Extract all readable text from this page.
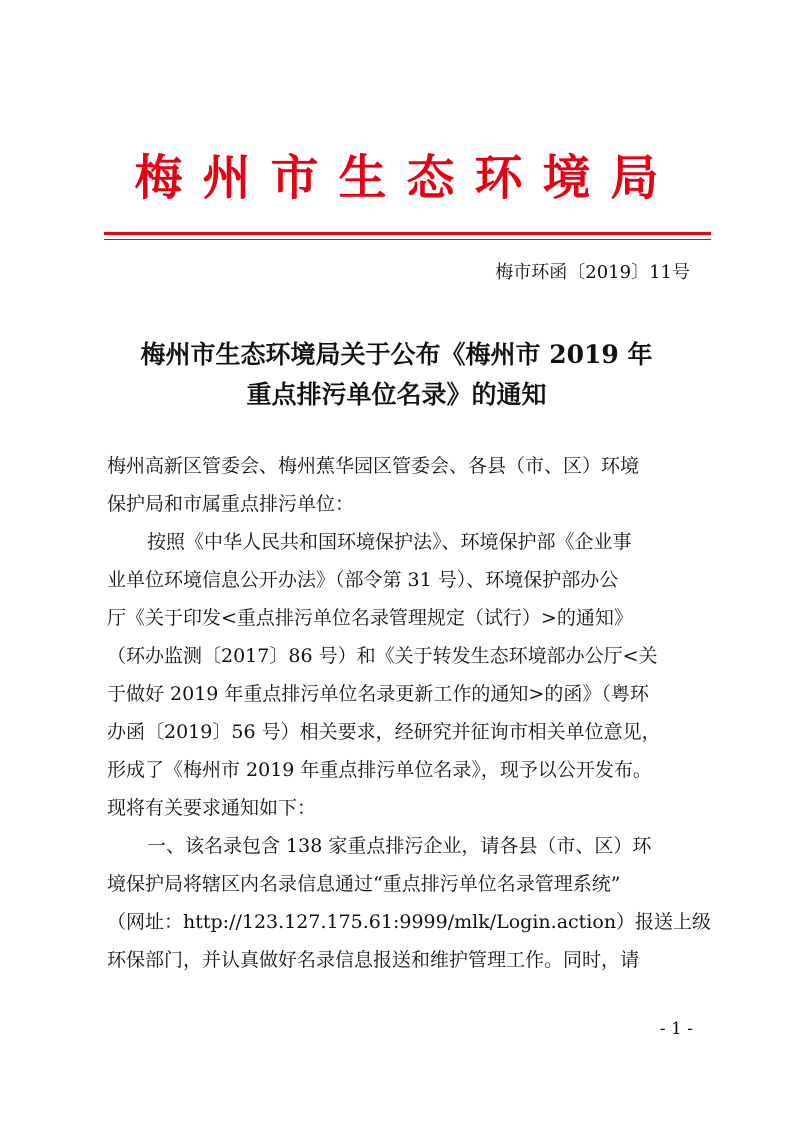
梅州市生态环境局
梅市环函〔2019〕11号
梅州市生态环境局关于公布《梅州市 2019 年
重点排污单位名录》的通知

梅州高新区管委会、梅州蕉华园区管委会、各县（市、区）环境
保护局和市属重点排污单位：

按照《中华人民共和国环境保护法》、环境保护部《企业事
业单位环境信息公开办法》（部令第 31 号）、环境保护部办公
厅《关于印发<重点排污单位名录管理规定（试行）>的通知》
（环办监测〔2017〕86 号）和《关于转发生态环境部办公厅<关
于做好 2019 年重点排污单位名录更新工作的通知>的函》（粤环
办函〔2019〕56 号）相关要求，经研究并征询市相关单位意见，
形成了《梅州市 2019 年重点排污单位名录》，现予以公开发布。
现将有关要求通知如下：

一、该名录包含 138 家重点排污企业，请各县（市、区）环
境保护局将辖区内名录信息通过“重点排污单位名录管理系统”
（网址：http://123.127.175.61:9999/mlk/Login.action）报送上级
环保部门，并认真做好名录信息报送和维护管理工作。同时，请

- 1 -
